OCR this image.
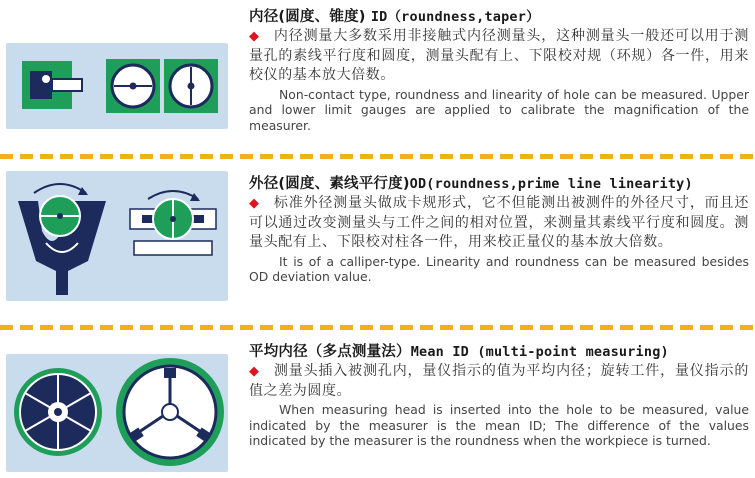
内径(圆度、锥度) ID（roundness,taper）
◆ 内径测量大多数采用非接触式内径测量头，这种测量头一般还可以用于测量孔的素线平行度和圆度，测量头配有上、下限校对规（环规）各一件，用来校仪的基本放大倍数。
Non-contact type, roundness and linearity of hole can be measured. Upper and lower limit gauges are applied to calibrate the magnification of the measurer.
外径(圆度、素线平行度)OD(roundness,prime line linearity)
◆ 标准外径测量头做成卡规形式，它不但能测出被测件的外径尺寸，而且还可以通过改变测量头与工件之间的相对位置，来测量其素线平行度和圆度。测量头配有上、下限校对柱各一件，用来校正量仪的基本放大倍数。
It is of a calliper-type. Linearity and roundness can be measured besides OD deviation value.
平均内径（多点测量法）Mean ID (multi-point measuring)
◆ 测量头插入被测孔内，量仪指示的值为平均内径；旋转工件，量仪指示的值之差为圆度。
When measuring head is inserted into the hole to be measured, value indicated by the measurer is the mean ID; The difference of the values indicated by the measurer is the roundness when the workpiece is turned.
